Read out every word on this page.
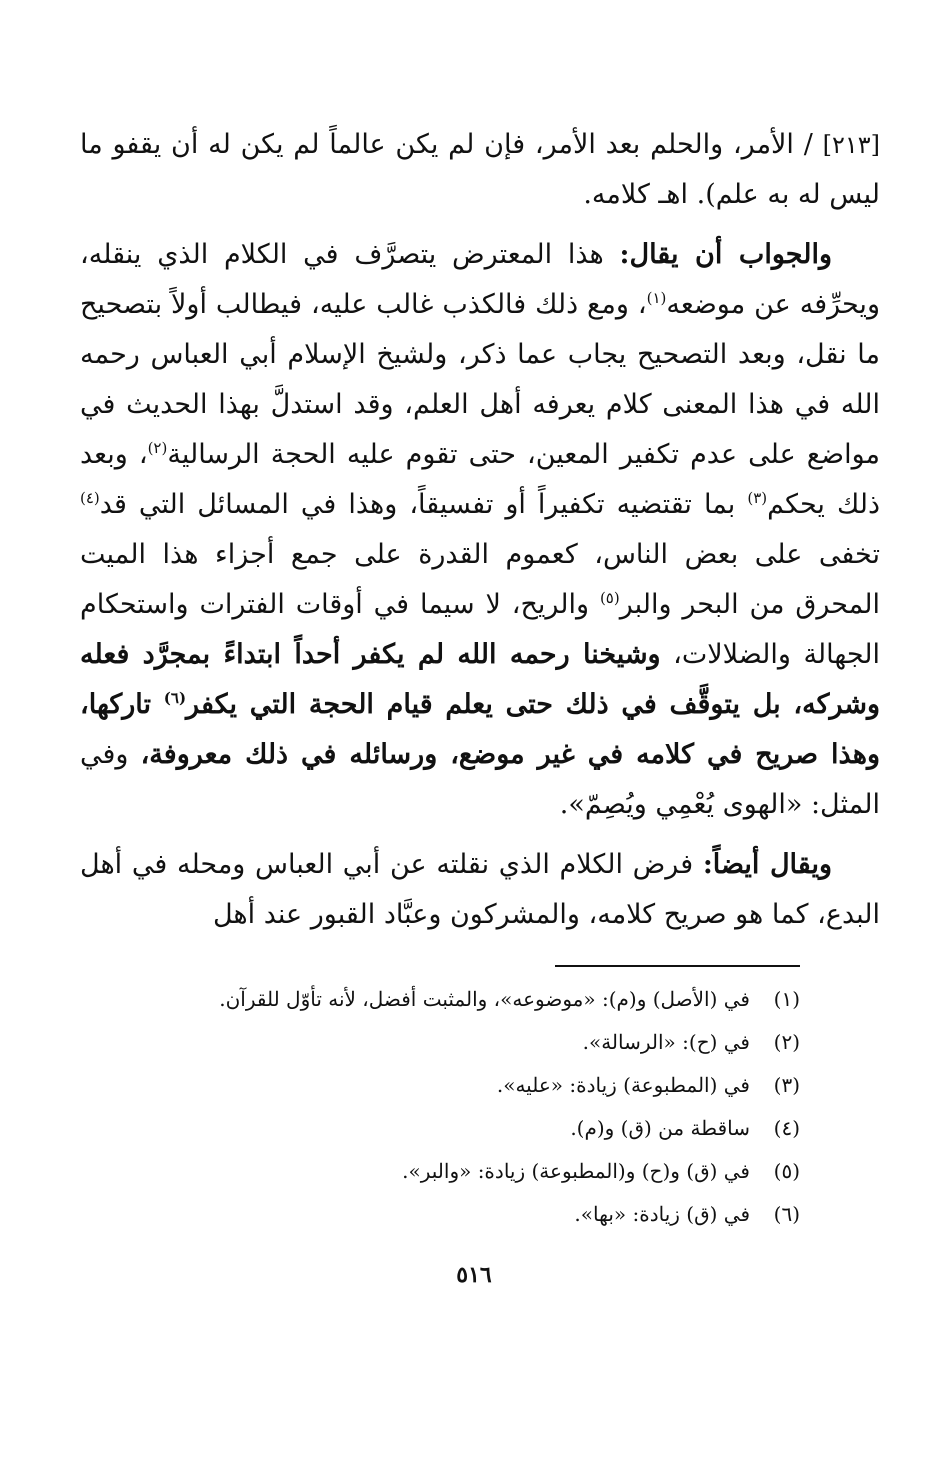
[٢١٣] / الأمر، والحلم بعد الأمر، فإن لم يكن عالماً لم يكن له أن يقفو ما ليس له به علم). اهـ كلامه.

والجواب أن يقال: هذا المعترض يتصرَّف في الكلام الذي ينقله، ويحرِّفه عن موضعه$^{(١)}$، ومع ذلك فالكذب غالب عليه، فيطالب أولاً بتصحيح ما نقل، وبعد التصحيح يجاب عما ذكر، ولشيخ الإسلام أبي العباس رحمه الله في هذا المعنى كلام يعرفه أهل العلم، وقد استدلَّ بهذا الحديث في مواضع على عدم تكفير المعين، حتى تقوم عليه الحجة الرسالية$^{(٢)}$، وبعد ذلك يحكم$^{(٣)}$ بما تقتضيه تكفيراً أو تفسيقاً، وهذا في المسائل التي قد$^{(٤)}$ تخفى على بعض الناس، كعموم القدرة على جمع أجزاء هذا الميت المحرق من البحر والبر$^{(٥)}$ والريح، لا سيما في أوقات الفترات واستحكام الجهالة والضلالات، وشيخنا رحمه الله لم يكفر أحداً ابتداءً بمجرَّد فعله وشركه، بل يتوقَّف في ذلك حتى يعلم قيام الحجة التي يكفر$^{(٦)}$ تاركها، وهذا صريح في كلامه في غير موضع، ورسائله في ذلك معروفة، وفي المثل: «الهوى يُعْمِي ويُصِمّ».

ويقال أيضاً: فرض الكلام الذي نقلته عن أبي العباس ومحله في أهل البدع، كما هو صريح كلامه، والمشركون وعبَّاد القبور عند أهل

(١)في (الأصل) و(م): «موضوعه»، والمثبت أفضل، لأنه تأوّل للقرآن.
(٢)في (ح): «الرسالة».
(٣)في (المطبوعة) زيادة: «عليه».
(٤)ساقطة من (ق) و(م).
(٥)في (ق) و(ح) و(المطبوعة) زيادة: «والبر».
(٦)في (ق) زيادة: «بها».
٥١٦
